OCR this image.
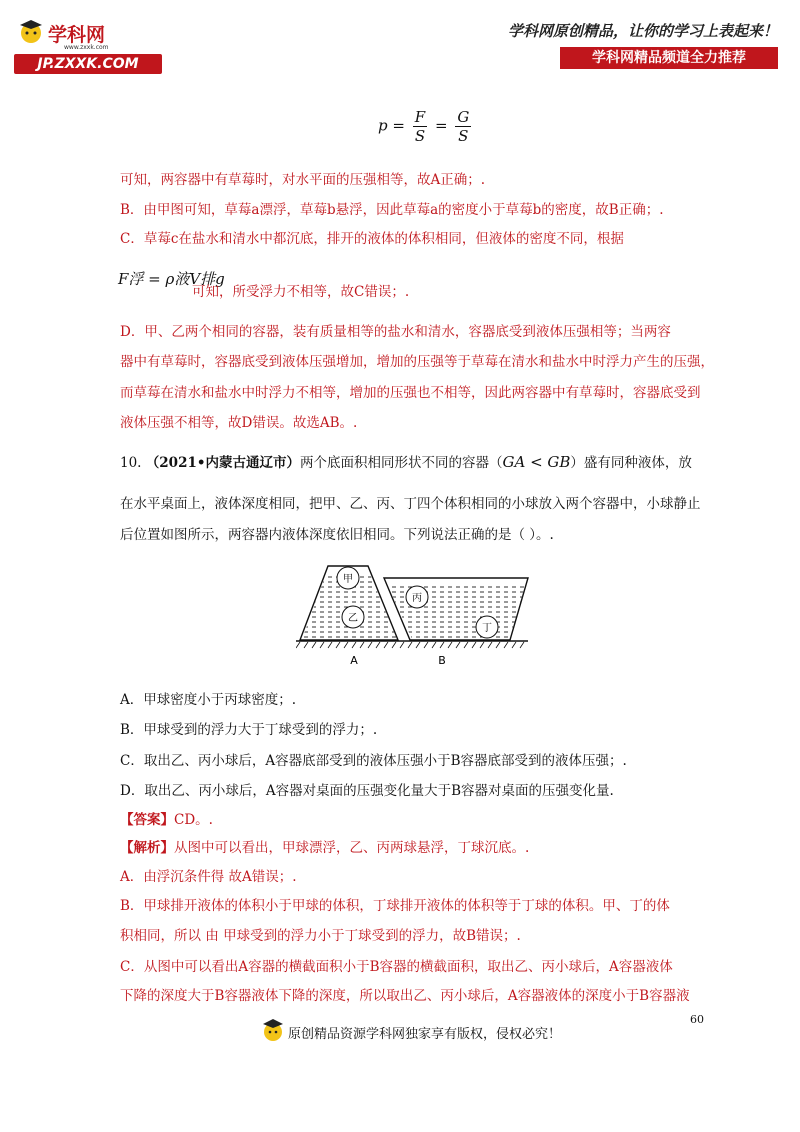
学科网
www.zxxk.com
JP.ZXXK.COM
学科网原创精品，让你的学习上表起来！
学科网精品频道全力推荐
$p = \frac{F}{S} = \frac{G}{S}$
可知，两容器中有草莓时，对水平面的压强相等，故A正确；.
B．由甲图可知，草莓a漂浮，草莓b悬浮，因此草莓a的密度小于草莓b的密度，故B正确；.
C．草莓c在盐水和清水中都沉底，排开的液体的体积相同，但液体的密度不同，根据
F浮 = ρ液V排g
可知，所受浮力不相等，故C错误；.
D．甲、乙两个相同的容器，装有质量相等的盐水和清水，容器底受到液体压强相等；当两容
器中有草莓时，容器底受到液体压强增加，增加的压强等于草莓在清水和盐水中时浮力产生的压强，
而草莓在清水和盐水中时浮力不相等，增加的压强也不相等，因此两容器中有草莓时，容器底受到
液体压强不相等，故D错误。故选AB。.
10. （2021•内蒙古通辽市）两个底面积相同形状不同的容器（GA < GB）盛有同种液体，放
在水平桌面上，液体深度相同，把甲、乙、丙、丁四个体积相同的小球放入两个容器中，小球静止
后位置如图所示，两容器内液体深度依旧相同。下列说法正确的是（ ）。.
甲
乙
丙
丁
A	B
A．甲球密度小于丙球密度；.
B．甲球受到的浮力大于丁球受到的浮力；.
C．取出乙、丙小球后，A容器底部受到的液体压强小于B容器底部受到的液体压强；.
D．取出乙、丙小球后，A容器对桌面的压强变化量大于B容器对桌面的压强变化量.
【答案】CD。.
【解析】从图中可以看出，甲球漂浮，乙、丙两球悬浮，丁球沉底。.
A．由浮沉条件得 故A错误；.
B．甲球排开液体的体积小于甲球的体积，丁球排开液体的体积等于丁球的体积。甲、丁的体
积相同，所以 由 甲球受到的浮力小于丁球受到的浮力，故B错误；.
C．从图中可以看出A容器的横截面积小于B容器的横截面积，取出乙、丙小球后，A容器液体
下降的深度大于B容器液体下降的深度，所以取出乙、丙小球后，A容器液体的深度小于B容器液
60
原创精品资源学科网独家享有版权，侵权必究！
